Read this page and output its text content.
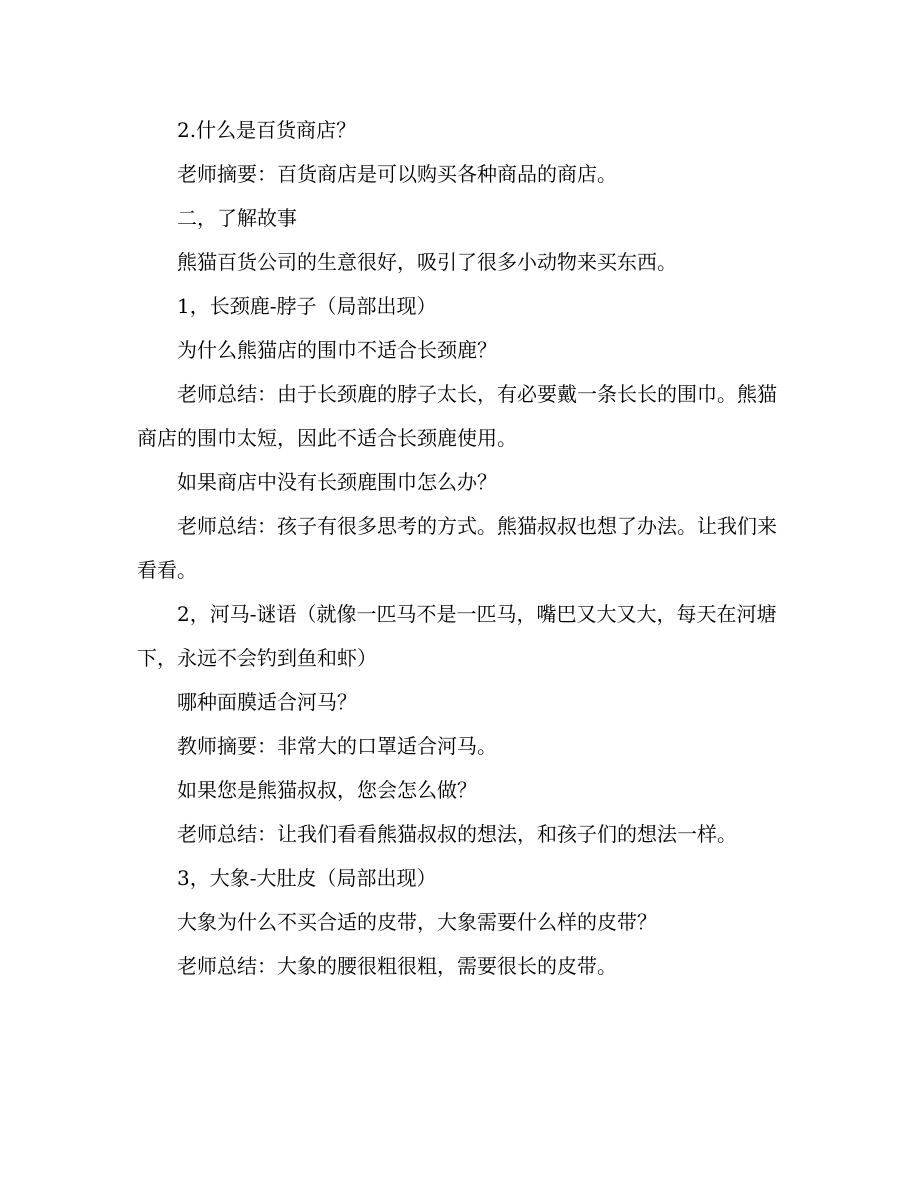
2.什么是百货商店？

老师摘要：百货商店是可以购买各种商品的商店。

二，了解故事

熊猫百货公司的生意很好，吸引了很多小动物来买东西。

1，长颈鹿-脖子（局部出现）

为什么熊猫店的围巾不适合长颈鹿？

老师总结：由于长颈鹿的脖子太长，有必要戴一条长长的围巾。熊猫商店的围巾太短，因此不适合长颈鹿使用。

如果商店中没有长颈鹿围巾怎么办？

老师总结：孩子有很多思考的方式。熊猫叔叔也想了办法。让我们来看看。

2，河马-谜语（就像一匹马不是一匹马，嘴巴又大又大，每天在河塘下，永远不会钓到鱼和虾）

哪种面膜适合河马？

教师摘要：非常大的口罩适合河马。

如果您是熊猫叔叔，您会怎么做？

老师总结：让我们看看熊猫叔叔的想法，和孩子们的想法一样。

3，大象-大肚皮（局部出现）

大象为什么不买合适的皮带，大象需要什么样的皮带？

老师总结：大象的腰很粗很粗，需要很长的皮带。
